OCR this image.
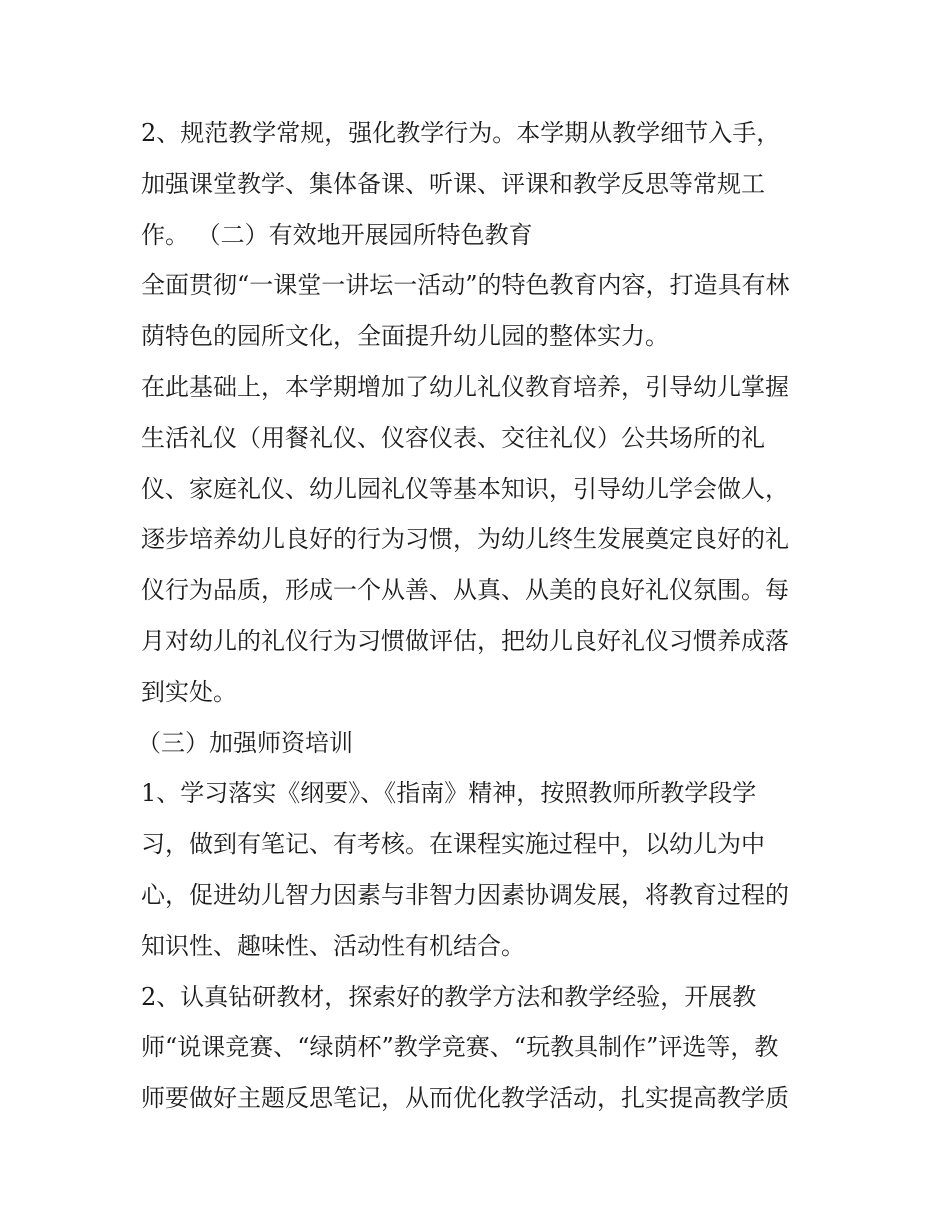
2、规范教学常规，强化教学行为。本学期从教学细节入手，
加强课堂教学、集体备课、听课、评课和教学反思等常规工
作。 （二）有效地开展园所特色教育
全面贯彻“一课堂一讲坛一活动”的特色教育内容，打造具有林
荫特色的园所文化，全面提升幼儿园的整体实力。
在此基础上，本学期增加了幼儿礼仪教育培养，引导幼儿掌握
生活礼仪（用餐礼仪、仪容仪表、交往礼仪）公共场所的礼
仪、家庭礼仪、幼儿园礼仪等基本知识，引导幼儿学会做人，
逐步培养幼儿良好的行为习惯，为幼儿终生发展奠定良好的礼
仪行为品质，形成一个从善、从真、从美的良好礼仪氛围。每
月对幼儿的礼仪行为习惯做评估，把幼儿良好礼仪习惯养成落
到实处。
（三）加强师资培训
1、学习落实《纲要》、《指南》精神，按照教师所教学段学
习，做到有笔记、有考核。在课程实施过程中，以幼儿为中
心，促进幼儿智力因素与非智力因素协调发展，将教育过程的
知识性、趣味性、活动性有机结合。
2、认真钻研教材，探索好的教学方法和教学经验，开展教
师“说课竞赛、“绿荫杯”教学竞赛、“玩教具制作”评选等，教
师要做好主题反思笔记，从而优化教学活动，扎实提高教学质
